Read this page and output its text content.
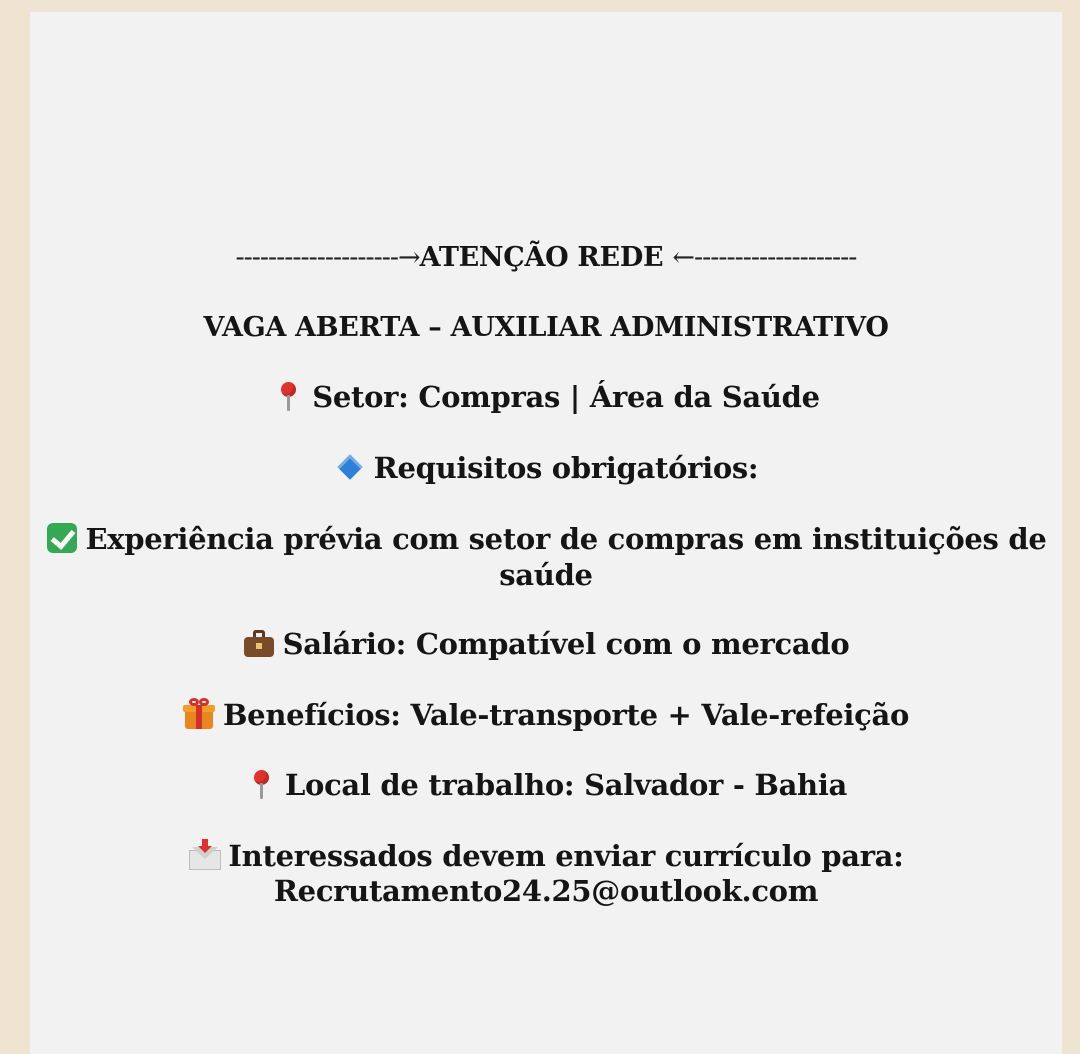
--------------------→ATENÇÃO REDE ←--------------------
VAGA ABERTA – AUXILIAR ADMINISTRATIVO
Setor: Compras | Área da Saúde
Requisitos obrigatórios:
Experiência prévia com setor de compras em instituições de
saúde
Salário: Compatível com o mercado
Benefícios: Vale-transporte + Vale-refeição
Local de trabalho: Salvador - Bahia
Interessados devem enviar currículo para:
Recrutamento24.25@outlook.com
